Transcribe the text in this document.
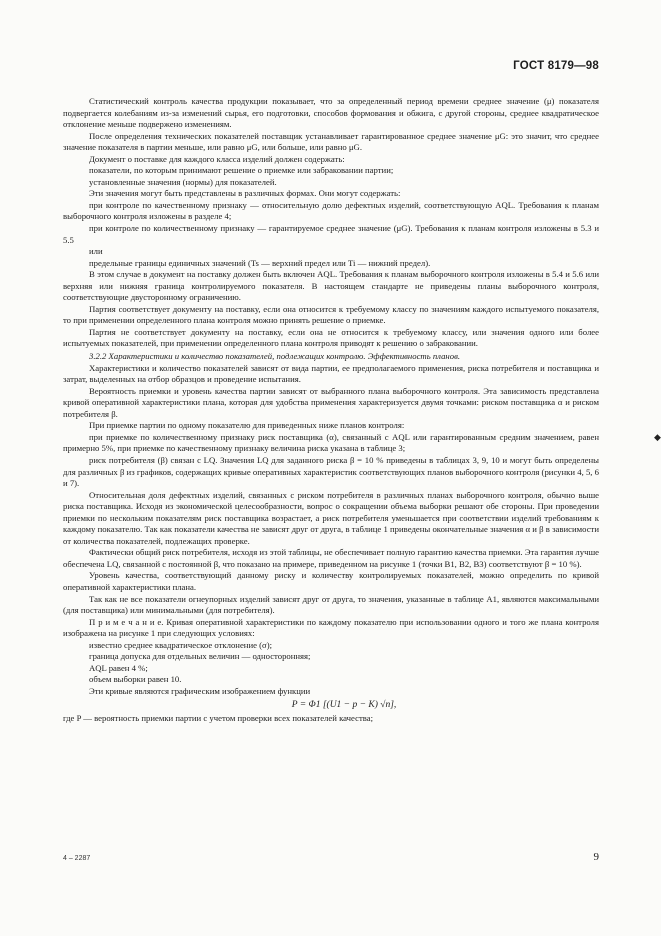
ГОСТ 8179—98

Статистический контроль качества продукции показывает, что за определенный период времени среднее значение (μ) показателя подвергается колебаниям из-за изменений сырья, его подготовки, способов формования и обжига, с другой стороны, среднее квадратическое отклонение меньше подвержено изменениям.

После определения технических показателей поставщик устанавливает гарантированное среднее значение μG: это значит, что среднее значение показателя в партии меньше, или равно μG, или больше, или равно μG.

Документ о поставке для каждого класса изделий должен содержать:

показатели, по которым принимают решение о приемке или забраковании партии;

установленные значения (нормы) для показателей.

Эти значения могут быть представлены в различных формах. Они могут содержать:

при контроле по качественному признаку — относительную долю дефектных изделий, соответствующую AQL. Требования к планам выборочного контроля изложены в разделе 4;

при контроле по количественному признаку — гарантируемое среднее значение (μG). Требования к планам контроля изложены в 5.3 и 5.5

или

предельные границы единичных значений (Ts — верхний предел или Ti — нижний предел).

В этом случае в документ на поставку должен быть включен AQL. Требования к планам выборочного контроля изложены в 5.4 и 5.6 или верхняя или нижняя граница контролируемого показателя. В настоящем стандарте не приведены планы выборочного контроля, соответствующие двусторонному ограничению.

Партия соответствует документу на поставку, если она относится к требуемому классу по значениям каждого испытуемого показателя, то при применении определенного плана контроля можно принять решение о приемке.

Партия не соответствует документу на поставку, если она не относится к требуемому классу, или значения одного или более испытуемых показателей, при применении определенного плана контроля приводят к решению о забраковании.

3.2.2 Характеристики и количество показателей, подлежащих контролю. Эффективность планов.

Характеристики и количество показателей зависят от вида партии, ее предполагаемого применения, риска потребителя и поставщика и затрат, выделенных на отбор образцов и проведение испытания.

Вероятность приемки и уровень качества партии зависят от выбранного плана выборочного контроля. Эта зависимость представлена кривой оперативной характеристики плана, которая для удобства применения характеризуется двумя точками: риском поставщика α и риском потребителя β.

При приемке партии по одному показателю для приведенных ниже планов контроля:

при приемке по количественному признаку риск поставщика (α), связанный с AQL или гарантированным средним значением, равен примерно 5%, при приемке по качественному признаку величина риска указана в таблице 3;

риск потребителя (β) связан с LQ. Значения LQ для заданного риска β = 10 % приведены в таблицах 3, 9, 10 и могут быть определены для различных β из графиков, содержащих кривые оперативных характеристик соответствующих планов выборочного контроля (рисунки 4, 5, 6 и 7).

Относительная доля дефектных изделий, связанных с риском потребителя в различных планах выборочного контроля, обычно выше риска поставщика. Исходя из экономической целесообразности, вопрос о сокращении объема выборки решают обе стороны. При проведении приемки по нескольким показателям риск поставщика возрастает, а риск потребителя уменьшается при соответствии изделий требованиям к каждому показателю. Так как показатели качества не зависят друг от друга, в таблице 1 приведены окончательные значения α и β в зависимости от количества показателей, подлежащих проверке.

Фактически общий риск потребителя, исходя из этой таблицы, не обеспечивает полную гарантию качества приемки. Эта гарантия лучше обеспечена LQ, связанной с постоянной β, что показано на примере, приведенном на рисунке 1 (точки B1, B2, B3) соответствуют β = 10 %).

Уровень качества, соответствующий данному риску и количеству контролируемых показателей, можно определить по кривой оперативной характеристики плана.

Так как не все показатели огнеупорных изделий зависят друг от друга, то значения, указанные в таблице А1, являются максимальными (для поставщика) или минимальными (для потребителя).

П р и м е ч а н и е. Кривая оперативной характеристики по каждому показателю при использовании одного и того же плана контроля изображена на рисунке 1 при следующих условиях:

известно среднее квадратическое отклонение (σ);

граница допуска для отдельных величин — односторонняя;

AQL равен 4 %;

объем выборки равен 10.

Эти кривые являются графическим изображением функции

P = Φ1 [(U1 − p − K) √n],

где P — вероятность приемки партии с учетом проверки всех показателей качества;

◆
4 – 2287	9
